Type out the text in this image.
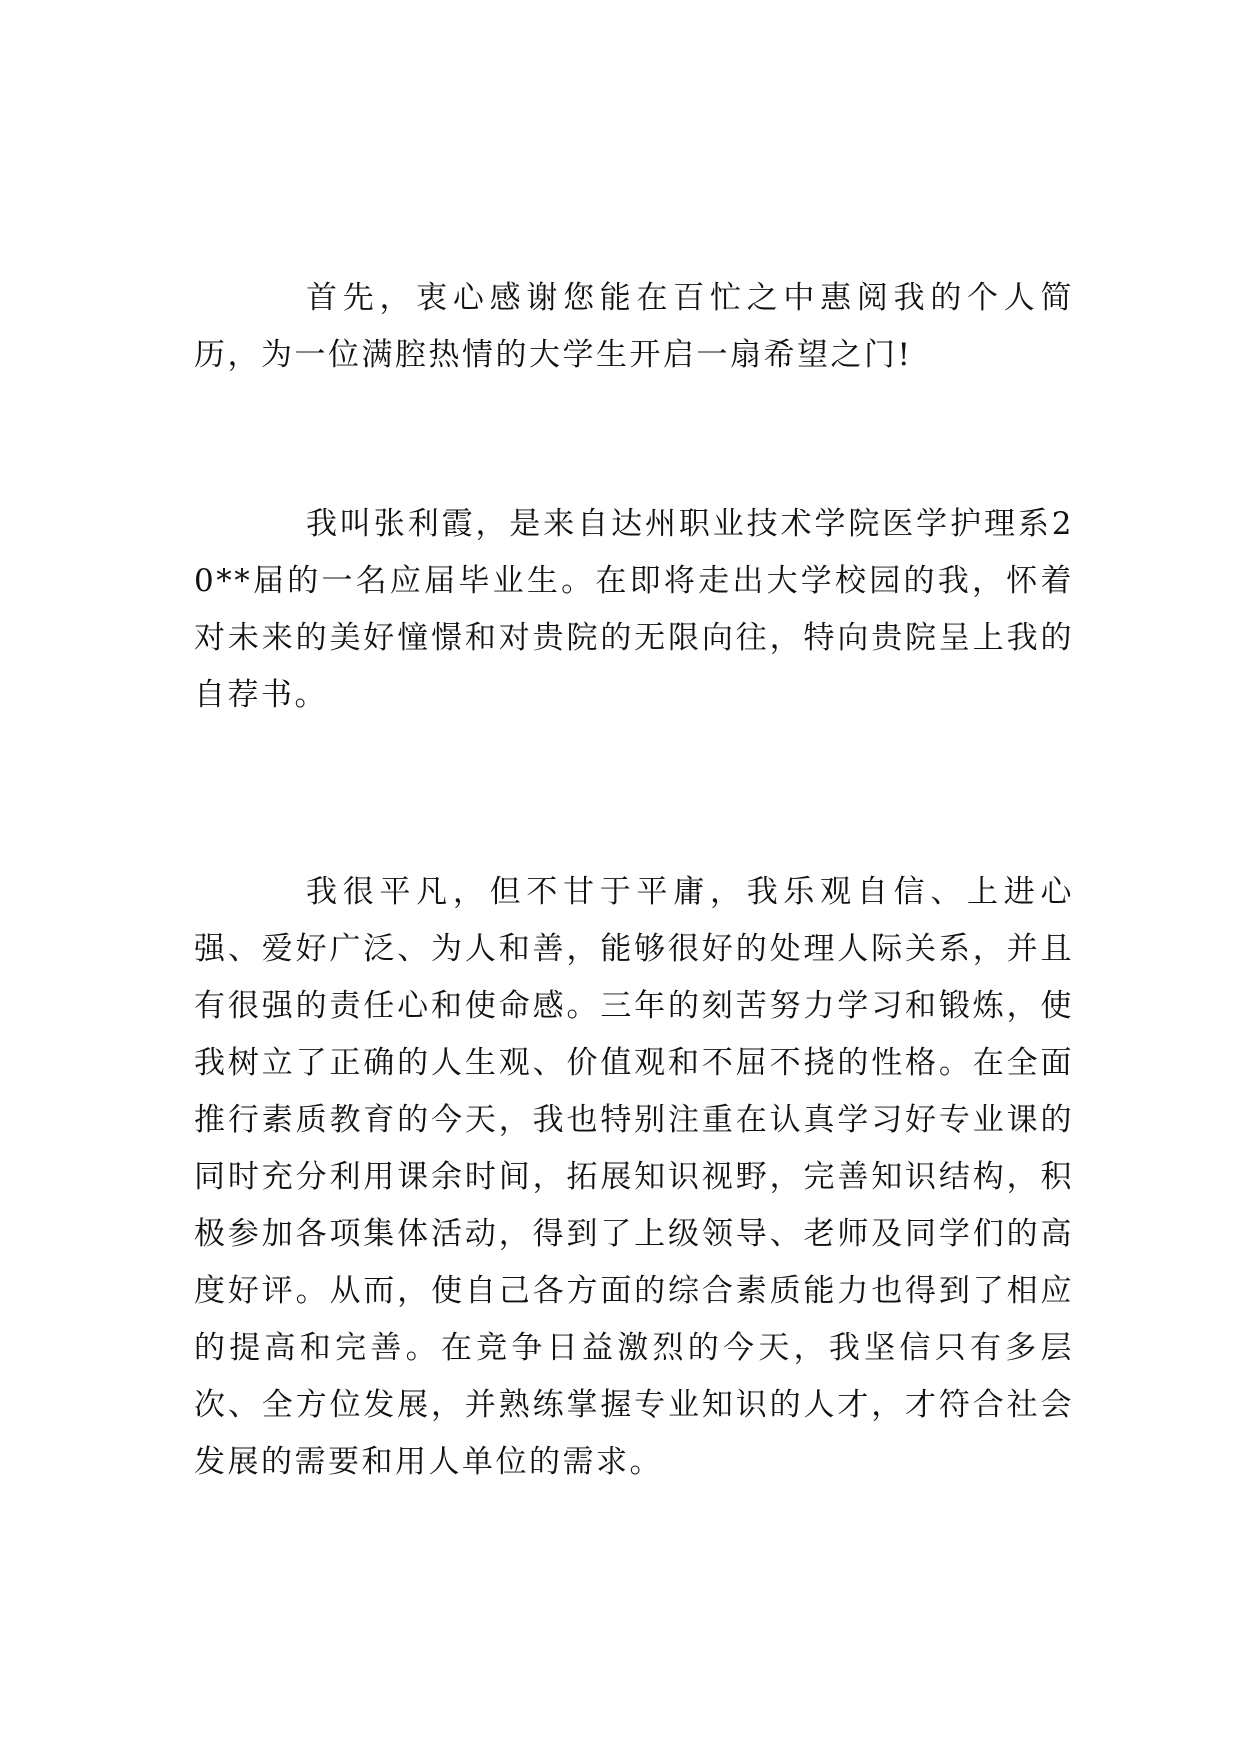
首先，衷心感谢您能在百忙之中惠阅我的个人简历，为一位满腔热情的大学生开启一扇希望之门!

我叫张利霞，是来自达州职业技术学院医学护理系20**届的一名应届毕业生。在即将走出大学校园的我，怀着对未来的美好憧憬和对贵院的无限向往，特向贵院呈上我的自荐书。

我很平凡，但不甘于平庸，我乐观自信、上进心强、爱好广泛、为人和善，能够很好的处理人际关系，并且有很强的责任心和使命感。三年的刻苦努力学习和锻炼，使我树立了正确的人生观、价值观和不屈不挠的性格。在全面推行素质教育的今天，我也特别注重在认真学习好专业课的同时充分利用课余时间，拓展知识视野，完善知识结构，积极参加各项集体活动，得到了上级领导、老师及同学们的高度好评。从而，使自己各方面的综合素质能力也得到了相应的提高和完善。在竞争日益激烈的今天，我坚信只有多层次、全方位发展，并熟练掌握专业知识的人才，才符合社会发展的需要和用人单位的需求。
